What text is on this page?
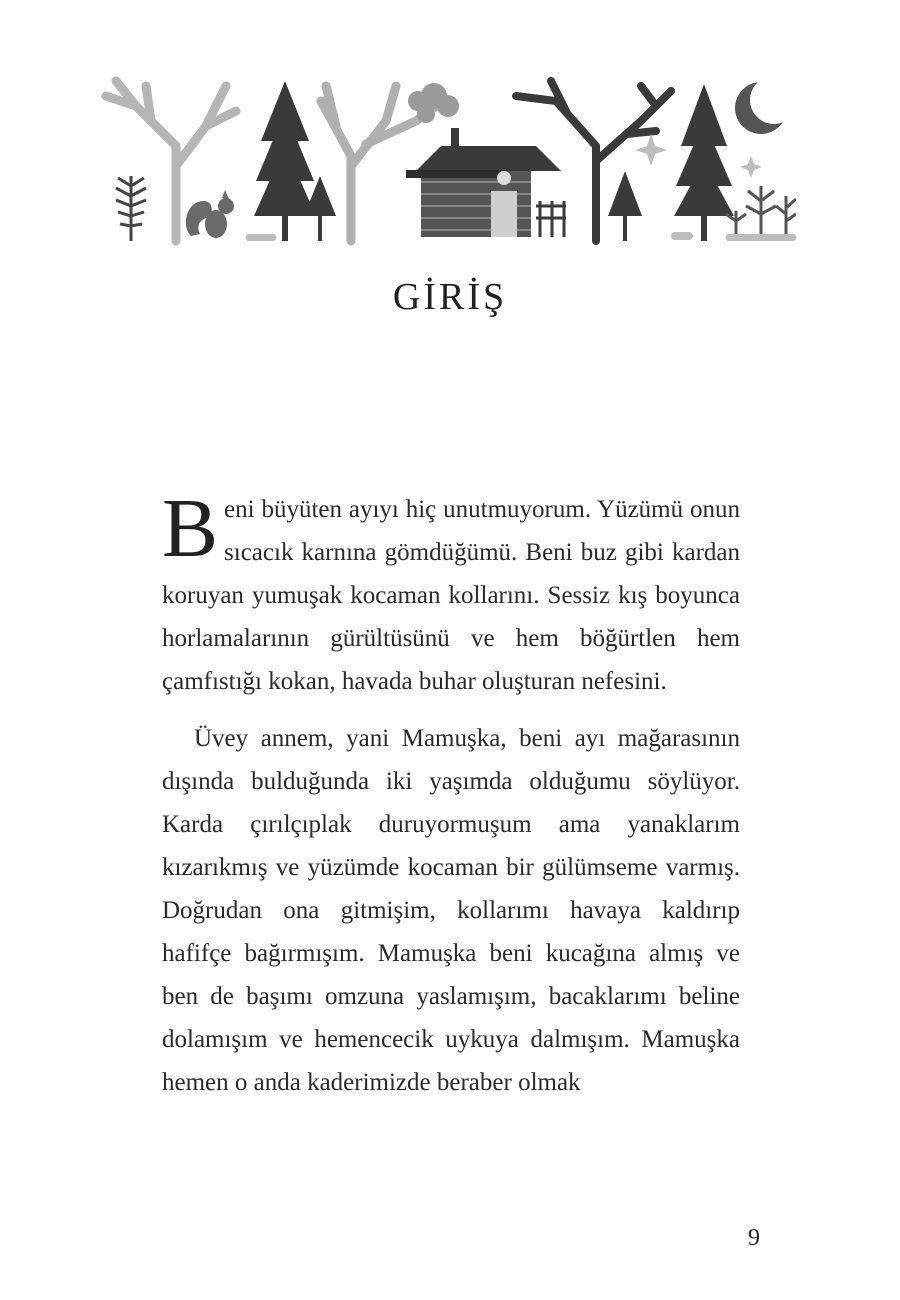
GİRİŞ

Beni büyüten ayıyı hiç unutmuyorum. Yüzümü onun sıcacık karnına gömdüğümü. Beni buz gibi kardan koruyan yumuşak kocaman kollarını. Sessiz kış boyunca horlamalarının gürültüsünü ve hem böğürtlen hem çamfıstığı kokan, havada buhar oluşturan nefesini.

Üvey annem, yani Mamuşka, beni ayı mağarasının dışında bulduğunda iki yaşımda olduğumu söylüyor. Karda çırılçıplak duruyormuşum ama yanaklarım kızarıkmış ve yüzümde kocaman bir gülümseme varmış. Doğrudan ona gitmişim, kollarımı havaya kaldırıp hafifçe bağırmışım. Mamuşka beni kucağına almış ve ben de başımı omzuna yaslamışım, bacaklarımı beline dolamışım ve hemencecik uykuya dalmışım. Mamuşka hemen o anda kaderimizde beraber olmak

9
